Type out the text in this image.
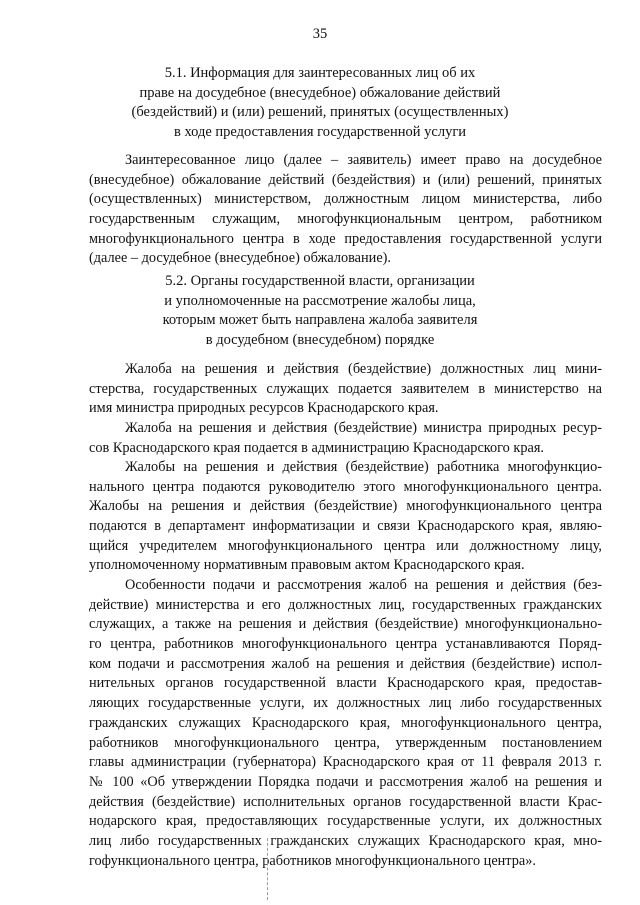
35
5.1. Информация для заинтересованных лиц об их
праве на досудебное (внесудебное) обжалование действий
(бездействий) и (или) решений, принятых (осуществленных)
в ходе предоставления государственной услуги
Заинтересованное лицо (далее – заявитель) имеет право на досудебное
(внесудебное) обжалование действий (бездействия) и (или) решений, принятых
(осуществленных) министерством, должностным лицом министерства, либо
государственным служащим, многофункциональным центром, работником
многофункционального центра в ходе предоставления государственной услуги
(далее – досудебное (внесудебное) обжалование).
5.2. Органы государственной власти, организации
и уполномоченные на рассмотрение жалобы лица,
которым может быть направлена жалоба заявителя
в досудебном (внесудебном) порядке
Жалоба на решения и действия (бездействие) должностных лиц мини-
стерства, государственных служащих подается заявителем в министерство на
имя министра природных ресурсов Краснодарского края.
Жалоба на решения и действия (бездействие) министра природных ресур-
сов Краснодарского края подается в администрацию Краснодарского края.
Жалобы на решения и действия (бездействие) работника многофункцио-
нального центра подаются руководителю этого многофункционального центра.
Жалобы на решения и действия (бездействие) многофункционального центра
подаются в департамент информатизации и связи Краснодарского края, являю-
щийся учредителем многофункционального центра или должностному лицу,
уполномоченному нормативным правовым актом Краснодарского края.
Особенности подачи и рассмотрения жалоб на решения и действия (без-
действие) министерства и его должностных лиц, государственных гражданских
служащих, а также на решения и действия (бездействие) многофункционально-
го центра, работников многофункционального центра устанавливаются Поряд-
ком подачи и рассмотрения жалоб на решения и действия (бездействие) испол-
нительных органов государственной власти Краснодарского края, предостав-
ляющих государственные услуги, их должностных лиц либо государственных
гражданских служащих Краснодарского края, многофункционального центра,
работников многофункционального центра, утвержденным постановлением
главы администрации (губернатора) Краснодарского края от 11 февраля 2013 г.
№ 100 «Об утверждении Порядка подачи и рассмотрения жалоб на решения и
действия (бездействие) исполнительных органов государственной власти Крас-
нодарского края, предоставляющих государственные услуги, их должностных
лиц либо государственных гражданских служащих Краснодарского края, мно-
гофункционального центра, работников многофункционального центра».
